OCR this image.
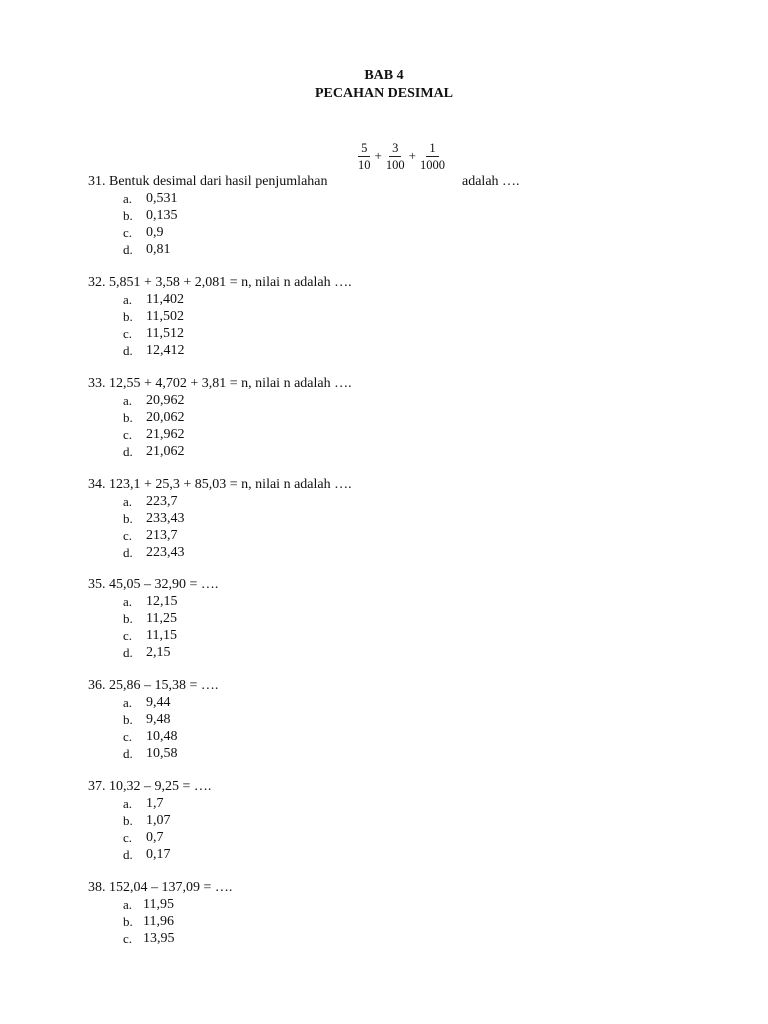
BAB 4
PECAHAN DESIMAL
$\frac{5}{10} + \frac{3}{100} + \frac{1}{1000}$
31. Bentuk desimal dari hasil penjumlahan	adalah ….
a. 0,531
b. 0,135
c. 0,9
d. 0,81
32. 5,851 + 3,58 + 2,081 = n, nilai n adalah ….
a. 11,402
b. 11,502
c. 11,512
d. 12,412
33. 12,55 + 4,702 + 3,81 = n, nilai n adalah ….
a. 20,962
b. 20,062
c. 21,962
d. 21,062
34. 123,1 + 25,3 + 85,03 = n, nilai n adalah ….
a. 223,7
b. 233,43
c. 213,7
d. 223,43
35. 45,05 – 32,90 = ….
a. 12,15
b. 11,25
c. 11,15
d. 2,15
36. 25,86 – 15,38 = ….
a. 9,44
b. 9,48
c. 10,48
d. 10,58
37. 10,32 – 9,25 = ….
a. 1,7
b. 1,07
c. 0,7
d. 0,17
38. 152,04 – 137,09 = ….
a. 11,95
b. 11,96
c. 13,95
